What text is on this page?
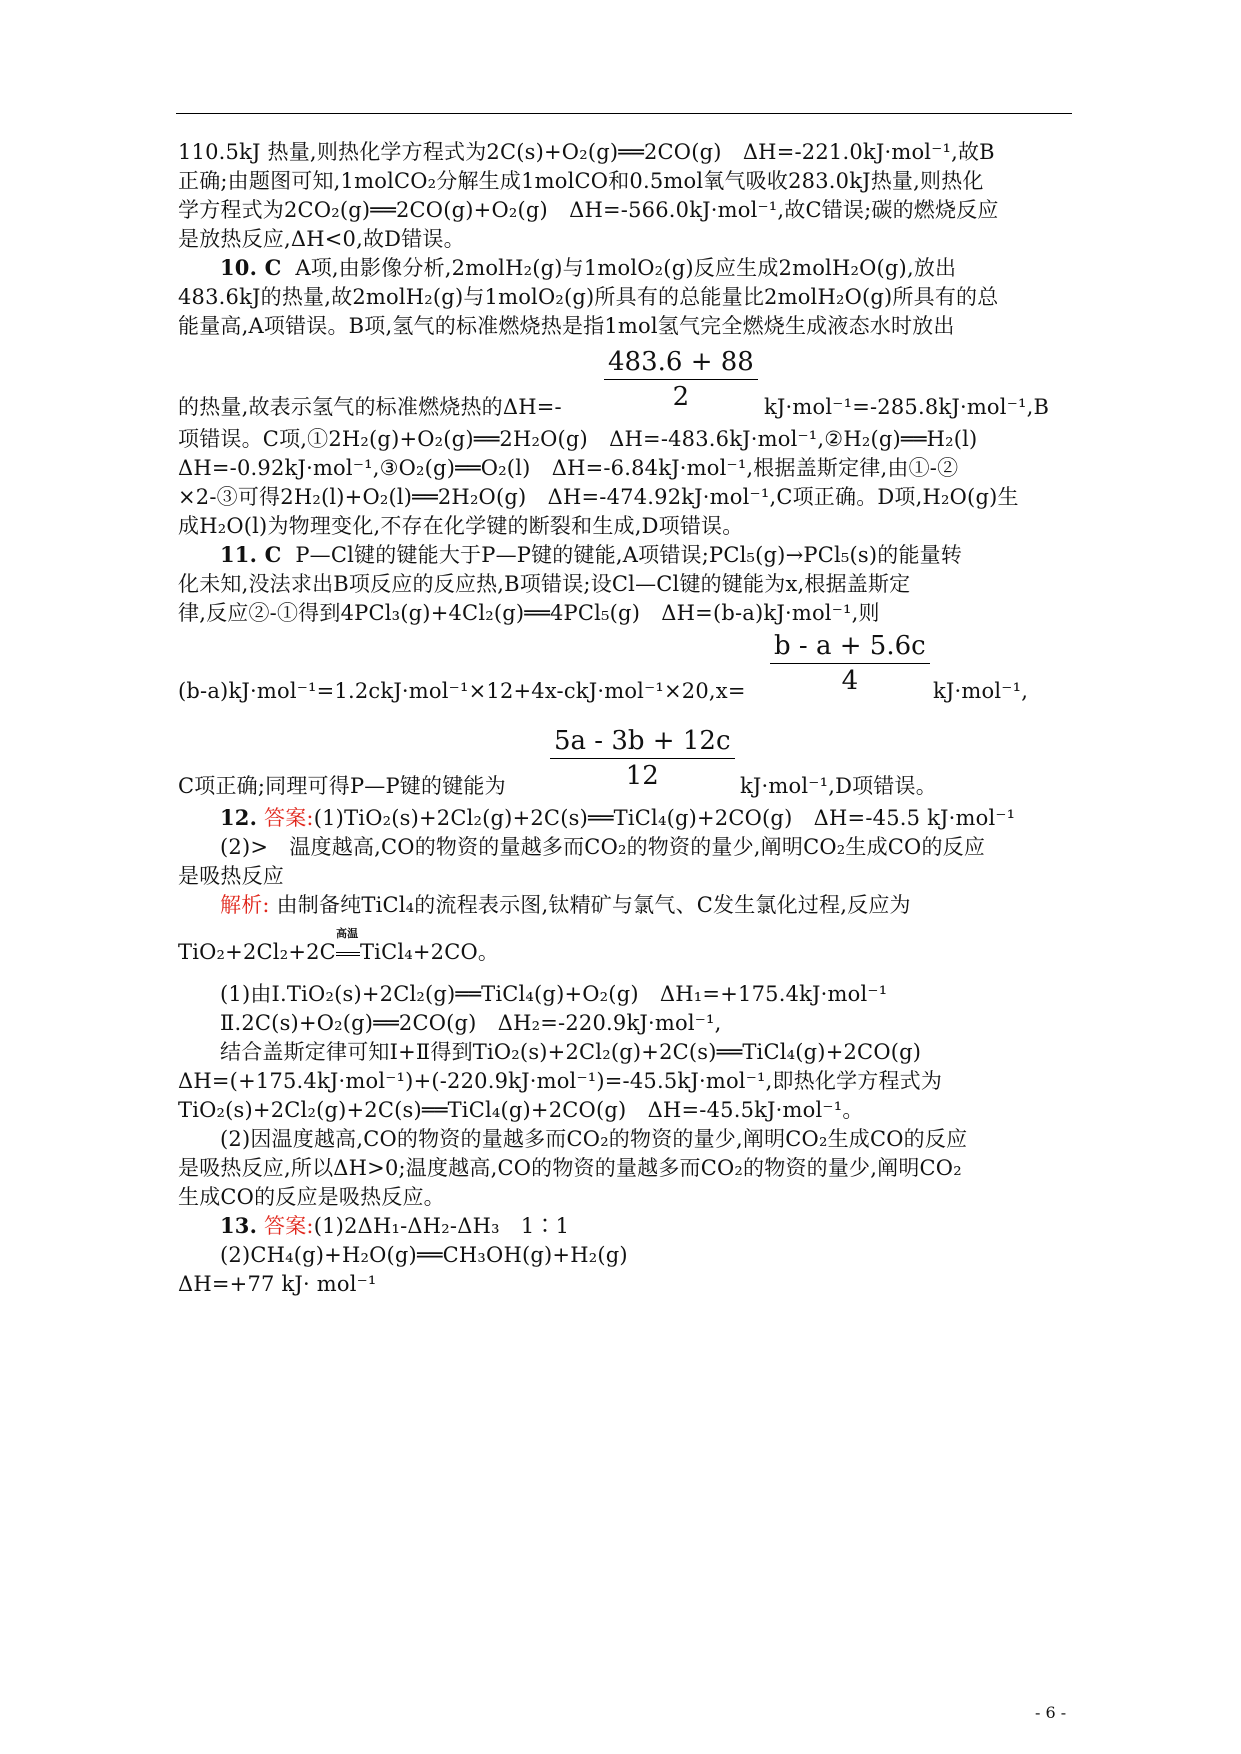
110.5kJ 热量,则热化学方程式为2C(s)+O₂(g)══2CO(g)　ΔH=-221.0kJ·mol⁻¹,故B
正确;由题图可知,1molCO₂分解生成1molCO和0.5mol氧气吸收283.0kJ热量,则热化
学方程式为2CO₂(g)══2CO(g)+O₂(g)　ΔH=-566.0kJ·mol⁻¹,故C错误;碳的燃烧反应
是放热反应,ΔH<0,故D错误。
10. C A项,由影像分析,2molH₂(g)与1molO₂(g)反应生成2molH₂O(g),放出
483.6kJ的热量,故2molH₂(g)与1molO₂(g)所具有的总能量比2molH₂O(g)所具有的总
能量高,A项错误。B项,氢气的标准燃烧热是指1mol氢气完全燃烧生成液态水时放出
$\frac{483.6 + 88}{2}$
的热量,故表示氢气的标准燃烧热的ΔH=-	kJ·mol⁻¹=-285.8kJ·mol⁻¹,B
项错误。C项,①2H₂(g)+O₂(g)══2H₂O(g)　ΔH=-483.6kJ·mol⁻¹,②H₂(g)══H₂(l)
ΔH=-0.92kJ·mol⁻¹,③O₂(g)══O₂(l)　ΔH=-6.84kJ·mol⁻¹,根据盖斯定律,由①-②
×2-③可得2H₂(l)+O₂(l)══2H₂O(g)　ΔH=-474.92kJ·mol⁻¹,C项正确。D项,H₂O(g)生
成H₂O(l)为物理变化,不存在化学键的断裂和生成,D项错误。
11. C P—Cl键的键能大于P—P键的键能,A项错误;PCl₅(g)→PCl₅(s)的能量转
化未知,没法求出B项反应的反应热,B项错误;设Cl—Cl键的键能为x,根据盖斯定
律,反应②-①得到4PCl₃(g)+4Cl₂(g)══4PCl₅(g)　ΔH=(b-a)kJ·mol⁻¹,则
$\frac{b - a + 5.6c}{4}$
(b-a)kJ·mol⁻¹=1.2ckJ·mol⁻¹×12+4x-ckJ·mol⁻¹×20,x=	kJ·mol⁻¹,
$\frac{5a - 3b + 12c}{12}$
C项正确;同理可得P—P键的键能为	kJ·mol⁻¹,D项错误。
12. 答案:(1)TiO₂(s)+2Cl₂(g)+2C(s)══TiCl₄(g)+2CO(g)　ΔH=-45.5 kJ·mol⁻¹
(2)>　温度越高,CO的物资的量越多而CO₂的物资的量少,阐明CO₂生成CO的反应
是吸热反应
解析: 由制备纯TiCl₄的流程表示图,钛精矿与氯气、C发生氯化过程,反应为
TiO₂+2Cl₂+2C
高温
TiCl₄+2CO。
(1)由Ⅰ.TiO₂(s)+2Cl₂(g)══TiCl₄(g)+O₂(g)　ΔH₁=+175.4kJ·mol⁻¹
Ⅱ.2C(s)+O₂(g)══2CO(g)　ΔH₂=-220.9kJ·mol⁻¹,
结合盖斯定律可知Ⅰ+Ⅱ得到TiO₂(s)+2Cl₂(g)+2C(s)══TiCl₄(g)+2CO(g)
ΔH=(+175.4kJ·mol⁻¹)+(-220.9kJ·mol⁻¹)=-45.5kJ·mol⁻¹,即热化学方程式为
TiO₂(s)+2Cl₂(g)+2C(s)══TiCl₄(g)+2CO(g)　ΔH=-45.5kJ·mol⁻¹。
(2)因温度越高,CO的物资的量越多而CO₂的物资的量少,阐明CO₂生成CO的反应
是吸热反应,所以ΔH>0;温度越高,CO的物资的量越多而CO₂的物资的量少,阐明CO₂
生成CO的反应是吸热反应。
13. 答案:(1)2ΔH₁-ΔH₂-ΔH₃　1∶1
(2)CH₄(g)+H₂O(g)══CH₃OH(g)+H₂(g)
ΔH=+77 kJ· mol⁻¹
- 6 -
